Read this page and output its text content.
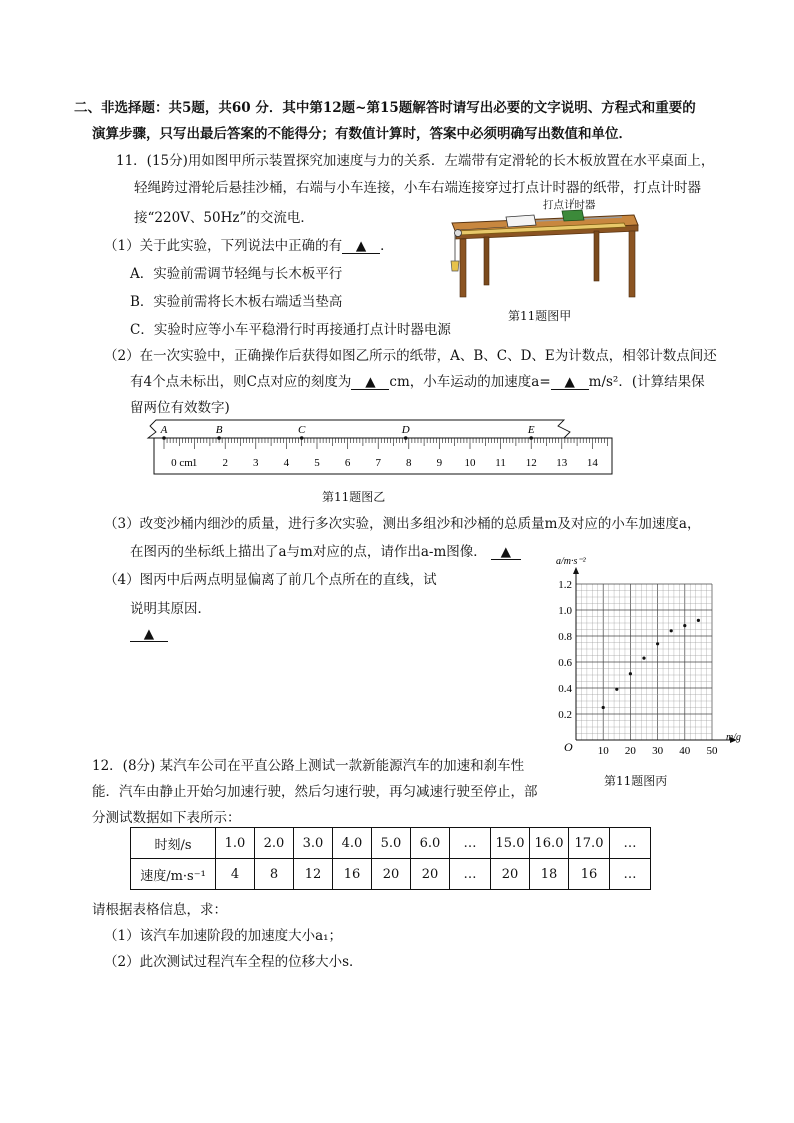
二、非选择题：共5题，共60 分．其中第12题~第15题解答时请写出必要的文字说明、方程式和重要的
演算步骤，只写出最后答案的不能得分；有数值计算时，答案中必须明确写出数值和单位．
11．(15分)用如图甲所示装置探究加速度与力的关系．左端带有定滑轮的长木板放置在水平桌面上，
轻绳跨过滑轮后悬挂沙桶，右端与小车连接，小车右端连接穿过打点计时器的纸带，打点计时器
接“220V、50Hz”的交流电．
（1）关于此实验，下列说法中正确的有 ▲ ．
A．实验前需调节轻绳与长木板平行
B．实验前需将长木板右端适当垫高
C．实验时应等小车平稳滑行时再接通打点计时器电源
打点计时器
第11题图甲
（2）在一次实验中，正确操作后获得如图乙所示的纸带，A、B、C、D、E为计数点，相邻计数点间还
有4个点未标出，则C点对应的刻度为 ▲ cm，小车运动的加速度a= ▲ m/s²．(计算结果保
留两位有效数字)
0 cm
1 2 3 4 5 6 7 8 9 10 11 12 13 14
A	B	C	D	E
第11题图乙
（3）改变沙桶内细沙的质量，进行多次实验，测出多组沙和沙桶的总质量m及对应的小车加速度a，
在图丙的坐标纸上描出了a与m对应的点，请作出a-m图像． ▲
（4）图丙中后两点明显偏离了前几个点所在的直线，试
说明其原因．
▲
0.2
0.4
0.6
0.8
1.0
1.2
10 20 30 40 50
a/m·s⁻²
m/g
O
第11题图丙
12．(8分) 某汽车公司在平直公路上测试一款新能源汽车的加速和刹车性
能．汽车由静止开始匀加速行驶，然后匀速行驶，再匀减速行驶至停止，部
分测试数据如下表所示：
时刻/s	1.0	2.0	3.0	4.0	5.0	6.0	…	15.0	16.0	17.0	…
速度/m·s⁻¹	4	8	12	16	20	20	…	20	18	16	…
请根据表格信息，求：
（1）该汽车加速阶段的加速度大小a₁；
（2）此次测试过程汽车全程的位移大小s．
